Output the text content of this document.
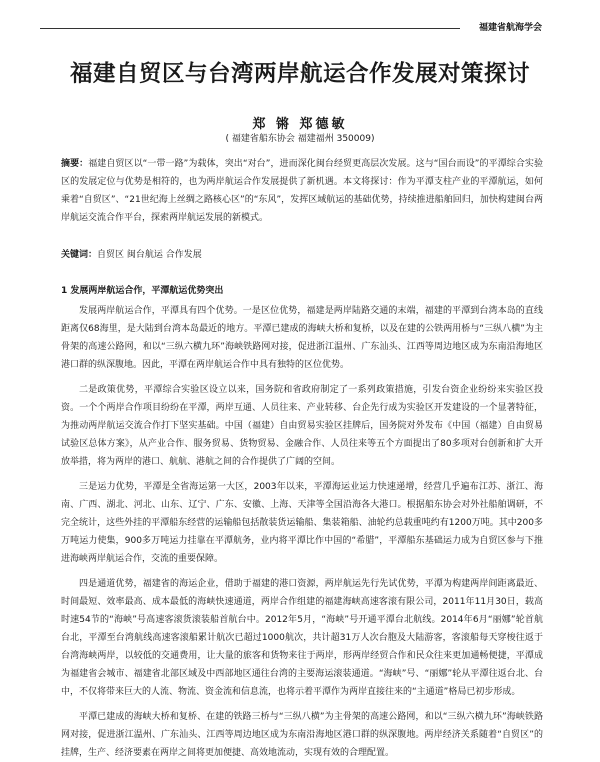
福建省航海学会
福建自贸区与台湾两岸航运合作发展对策探讨
郑 锵 郑德敏
( 福建省船东协会 福建福州 350009)
摘要：福建自贸区以“一带一路”为载体，突出“对台”，进而深化闽台经贸更高层次发展。这与“国台而设”的平潭综合实验区的发展定位与优势是相符的，也为两岸航运合作发展提供了新机遇。本文将探讨：作为平潭支柱产业的平潭航运，如何乘着“自贸区”、“21世纪海上丝绸之路核心区”的“东风”，发挥区域航运的基础优势，持续推进船舶回归，加快构建闽台两岸航运交流合作平台，探索两岸航运发展的新模式。
关键词：自贸区 闽台航运 合作发展
1 发展两岸航运合作，平潭航运优势突出

发展两岸航运合作，平潭具有四个优势。一是区位优势，福建是两岸陆路交通的末端，福建的平潭到台湾本岛的直线距离仅68海里，是大陆到台湾本岛最近的地方。平潭已建成的海峡大桥和复桥，以及在建的公铁两用桥与“三纵八横”为主骨架的高速公路网，和以“三纵六横九环”海峡铁路网对接，促进浙江温州、广东汕头、江西等周边地区成为东南沿海地区港口群的纵深腹地。因此，平潭在两岸航运合作中具有独特的区位优势。

二是政策优势，平潭综合实验区设立以来，国务院和省政府制定了一系列政策措施，引发台资企业纷纷来实验区投资。一个个两岸合作项目纷纷在平潭，两岸互通、人员往来、产业转移、台企先行成为实验区开发建设的一个显著特征，为推动两岸航运交流合作打下坚实基础。中国（福建）自由贸易实验区挂牌后，国务院对外发布《中国（福建）自由贸易试验区总体方案》，从产业合作、服务贸易、货物贸易、金融合作、人员往来等五个方面提出了80多项对台创新和扩大开放举措，将为两岸的港口、航航、港航之间的合作提供了广阔的空间。

三是运力优势，平潭是全省海运第一大区，2003年以来，平潭海运业运力快速递增，经营几乎遍布江苏、浙江、海南、广西、湖北、河北、山东、辽宁、广东、安徽、上海、天津等全国沿海各大港口。根据船东协会对外社船舶调研，不完全统计，这些外挂的平潭船东经营的运输船包括散装货运输船、集装箱船、油轮约总载重吨约有1200万吨。其中200多万吨运力使集，900多万吨运力挂靠在平潭航务，业内将平潭比作中国的“希腊”，平潭船东基础运力成为自贸区参与下推进海峡两岸航运合作，交流的重要保障。

四是通道优势，福建省的海运企业，借助于福建的港口资源，两岸航运先行先试优势，平潭为构建两岸间距离最近、时间最短、效率最高、成本最低的海峡快速通道，两岸合作组建的福建海峡高速客滚有限公司，2011年11月30日，载高时速54节的“海峡”号高速客滚货滚装船首航台中。2012年5月，“海峡”号开通平潭台北航线。2014年6月“丽娜”轮首航台北，平潭至台湾航线高速客滚船累计航次已超过1000航次，共计超31万人次台胞及大陆游客，客滚船每天穿梭往返于台湾海峡两岸，以较低的交通费用，让大量的旅客和货物来往于两岸，形两岸经贸合作和民众往来更加通畅便捷，平潭成为福建省会城市、福建省北部区域及中西部地区通往台湾的主要海运滚装通道。“海峡”号、“丽娜”轮从平潭往返台北、台中，不仅将带来巨大的人流、物流、资金流和信息流，也将示着平潭作为两岸直接往来的“主通道”格局已初步形成。

平潭已建成的海峡大桥和复桥、在建的铁路三桥与“三纵八横”为主骨架的高速公路网，和以“三纵六横九环”海峡铁路网对接，促进浙江温州、广东汕头、江西等周边地区成为东南沿海地区港口群的纵深腹地。两岸经济关系随着“自贸区”的挂牌，生产、经济要素在两岸之间将更加便捷、高效地流动，实现有效的合理配置。
